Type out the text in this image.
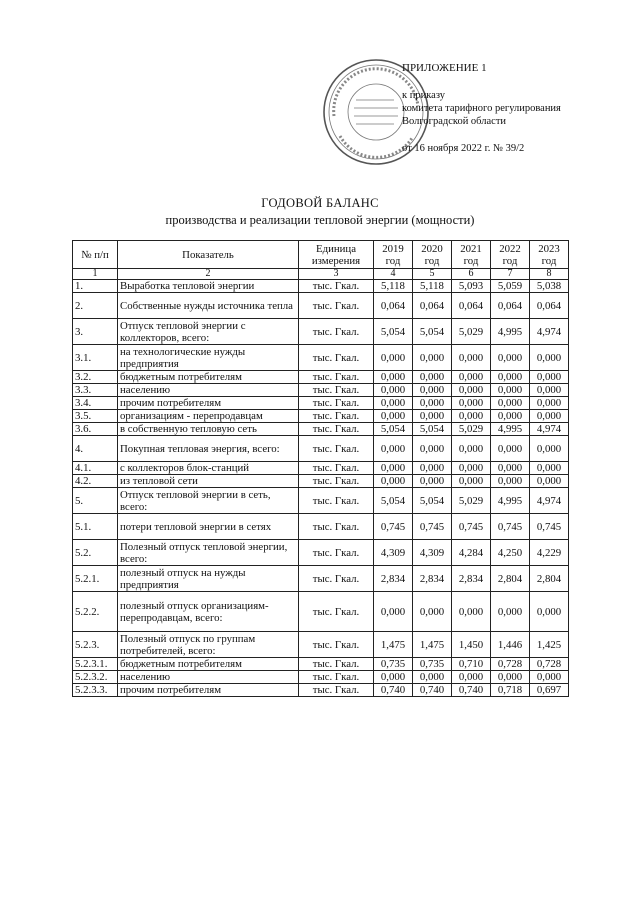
ПРИЛОЖЕНИЕ 1
к приказу
комитета тарифного регулирования
Волгоградской области
от 16 ноября 2022 г. № 39/2
ГОДОВОЙ БАЛАНС
производства и реализации тепловой энергии (мощности)
№ п/п	Показатель	Единица измерения	2019 год	2020 год	2021 год	2022 год	2023 год
1	2	3	4	5	6	7	8
1.	Выработка тепловой энергии	тыс. Гкал.	5,118	5,118	5,093	5,059	5,038
2.	Собственные нужды источника тепла	тыс. Гкал.	0,064	0,064	0,064	0,064	0,064
3.	Отпуск тепловой энергии с коллекторов, всего:	тыс. Гкал.	5,054	5,054	5,029	4,995	4,974
3.1.	на технологические нужды предприятия	тыс. Гкал.	0,000	0,000	0,000	0,000	0,000
3.2.	бюджетным потребителям	тыс. Гкал.	0,000	0,000	0,000	0,000	0,000
3.3.	населению	тыс. Гкал.	0,000	0,000	0,000	0,000	0,000
3.4.	прочим потребителям	тыс. Гкал.	0,000	0,000	0,000	0,000	0,000
3.5.	организациям - перепродавцам	тыс. Гкал.	0,000	0,000	0,000	0,000	0,000
3.6.	в собственную тепловую сеть	тыс. Гкал.	5,054	5,054	5,029	4,995	4,974
4.	Покупная тепловая энергия, всего:	тыс. Гкал.	0,000	0,000	0,000	0,000	0,000
4.1.	с коллекторов блок-станций	тыс. Гкал.	0,000	0,000	0,000	0,000	0,000
4.2.	из тепловой сети	тыс. Гкал.	0,000	0,000	0,000	0,000	0,000
5.	Отпуск тепловой энергии в сеть, всего:	тыс. Гкал.	5,054	5,054	5,029	4,995	4,974
5.1.	потери тепловой энергии в сетях	тыс. Гкал.	0,745	0,745	0,745	0,745	0,745
5.2.	Полезный отпуск тепловой энергии, всего:	тыс. Гкал.	4,309	4,309	4,284	4,250	4,229
5.2.1.	полезный отпуск на нужды предприятия	тыс. Гкал.	2,834	2,834	2,834	2,804	2,804
5.2.2.	полезный отпуск организациям-перепродавцам, всего:	тыс. Гкал.	0,000	0,000	0,000	0,000	0,000
5.2.3.	Полезный отпуск по группам потребителей, всего:	тыс. Гкал.	1,475	1,475	1,450	1,446	1,425
5.2.3.1.	бюджетным потребителям	тыс. Гкал.	0,735	0,735	0,710	0,728	0,728
5.2.3.2.	населению	тыс. Гкал.	0,000	0,000	0,000	0,000	0,000
5.2.3.3.	прочим потребителям	тыс. Гкал.	0,740	0,740	0,740	0,718	0,697
